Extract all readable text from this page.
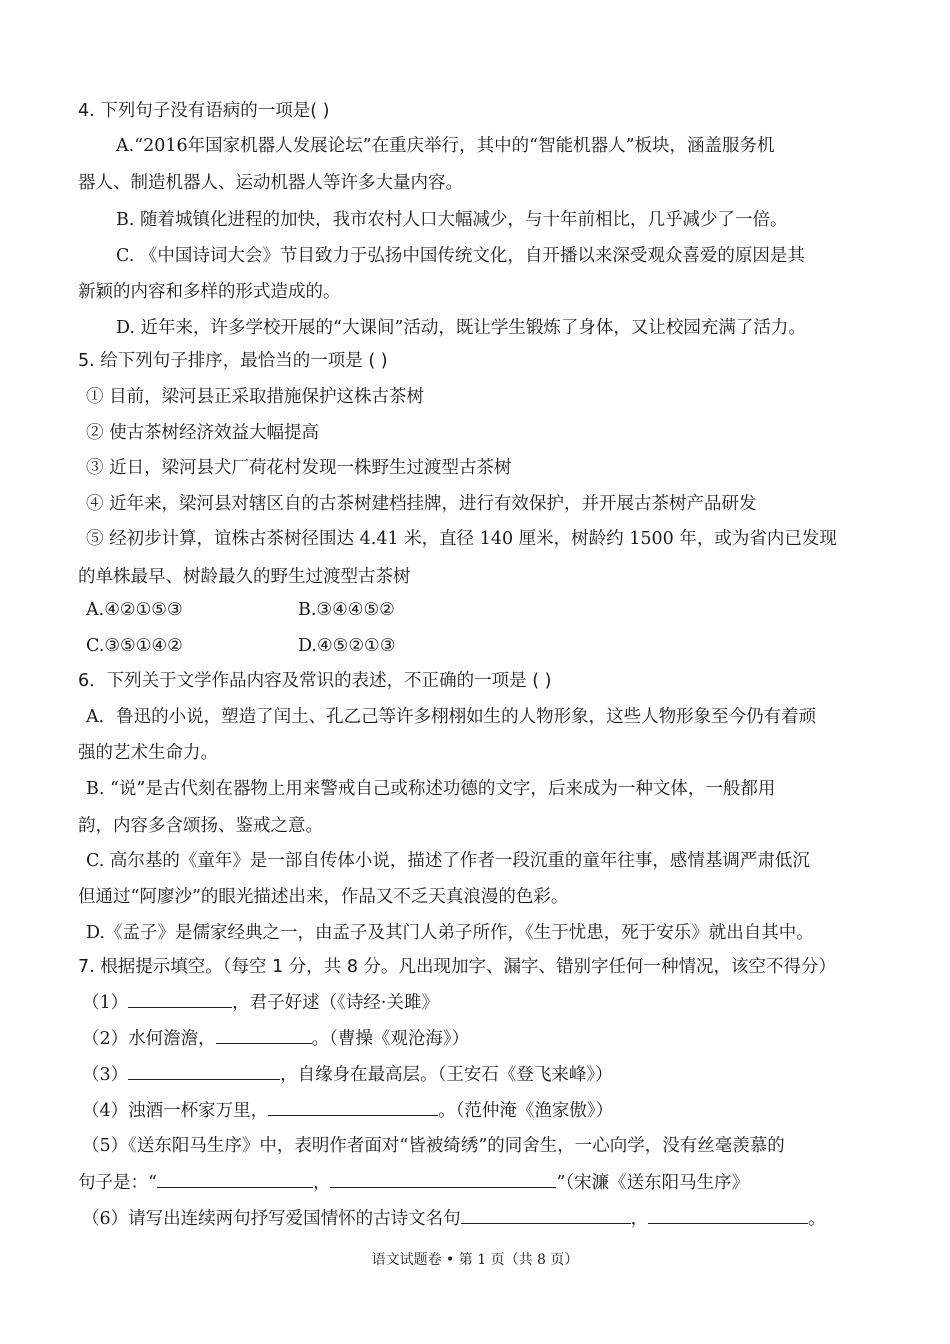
4. 下列句子没有语病的一项是( )
A.“2016年国家机器人发展论坛”在重庆举行，其中的“智能机器人”板块，涵盖服务机
器人、制造机器人、运动机器人等许多大量内容。
B. 随着城镇化进程的加快，我市农村人口大幅减少，与十年前相比，几乎减少了一倍。
C. 《中国诗词大会》节目致力于弘扬中国传统文化，自开播以来深受观众喜爱的原因是其
新颖的内容和多样的形式造成的。
D. 近年来，许多学校开展的“大课间”活动，既让学生锻炼了身体，又让校园充满了活力。
5. 给下列句子排序，最恰当的一项是 ( )
① 目前，梁河县正采取措施保护这株古茶树
② 使古茶树经济效益大幅提高
③ 近日，梁河县犬厂荷花村发现一株野生过渡型古茶树
④ 近年来，梁河县对辖区自的古茶树建档挂牌，进行有效保护，并开展古茶树产品研发
⑤ 经初步计算，谊株古茶树径围达 4.41 米，直径 140 厘米，树龄约 1500 年，或为省内已发现
的单株最早、树龄最久的野生过渡型古茶树
A.④②①⑤③	B.③④④⑤②
C.③⑤①④②	D.④⑤②①③
6．下列关于文学作品内容及常识的表述，不正确的一项是 ( )
A．鲁迅的小说，塑造了闰土、孔乙己等许多栩栩如生的人物形象，这些人物形象至今仍有着顽
强的艺术生命力。
B. “说”是古代刻在器物上用来警戒自己或称述功德的文字，后来成为一种文体，一般都用
韵，内容多含颂扬、鉴戒之意。
C. 高尔基的《童年》是一部自传体小说，描述了作者一段沉重的童年往事，感情基调严肃低沉
但通过“阿廖沙”的眼光描述出来，作品又不乏天真浪漫的色彩。
D.《孟子》是儒家经典之一，由孟子及其门人弟子所作，《生于忧患，死于安乐》就出自其中。
7. 根据提示填空。（每空 1 分，共 8 分。凡出现加字、漏字、错别字任何一种情况，该空不得分）
（1）	，君子好逑（《诗经·关雎》
（2）水何澹澹，	。（曹操《观沧海》）
（3）	，自缘身在最高层。（王安石《登飞来峰》）
（4）浊酒一杯家万里，	。（范仲淹《渔家傲》）
（5）《送东阳马生序》中，表明作者面对“皆被绮绣”的同舍生，一心向学，没有丝毫羡慕的
句子是：“	，	”（宋濂《送东阳马生序》
（6）请写出连续两句抒写爱国情怀的古诗文名句	，	。
语文试题卷 • 第 1 页（共 8 页）
